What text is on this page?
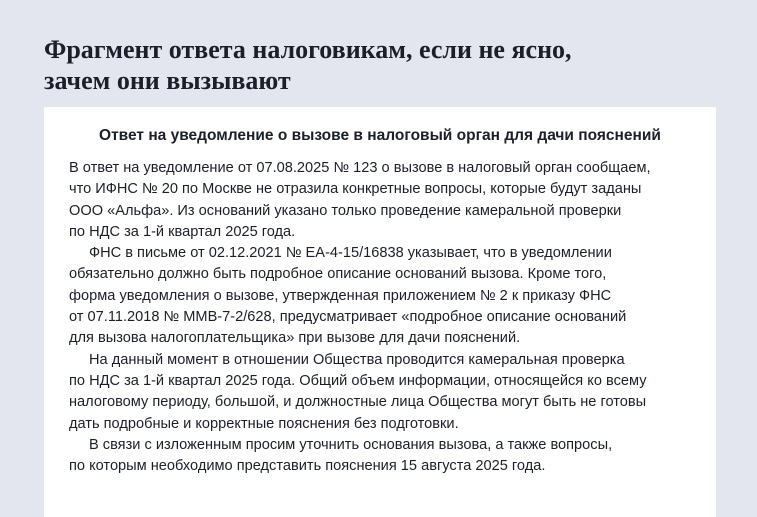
Фрагмент ответа налоговикам, если не ясно,
зачем они вызывают
Ответ на уведомление о вызове в налоговый орган для дачи пояснений

В ответ на уведомление от 07.08.2025 № 123 о вызове в налоговый орган сообщаем,
что ИФНС № 20 по Москве не отразила конкретные вопросы, которые будут заданы
ООО «Альфа». Из оснований указано только проведение камеральной проверки
по НДС за 1-й квартал 2025 года.

ФНС в письме от 02.12.2021 № ЕА-4-15/16838 указывает, что в уведомлении
обязательно должно быть подробное описание оснований вызова. Кроме того,
форма уведомления о вызове, утвержденная приложением № 2 к приказу ФНС
от 07.11.2018 № ММВ-7-2/628, предусматривает «подробное описание оснований
для вызова налогоплательщика» при вызове для дачи пояснений.

На данный момент в отношении Общества проводится камеральная проверка
по НДС за 1-й квартал 2025 года. Общий объем информации, относящейся ко всему
налоговому периоду, большой, и должностные лица Общества могут быть не готовы
дать подробные и корректные пояснения без подготовки.

В связи с изложенным просим уточнить основания вызова, а также вопросы,
по которым необходимо представить пояснения 15 августа 2025 года.
